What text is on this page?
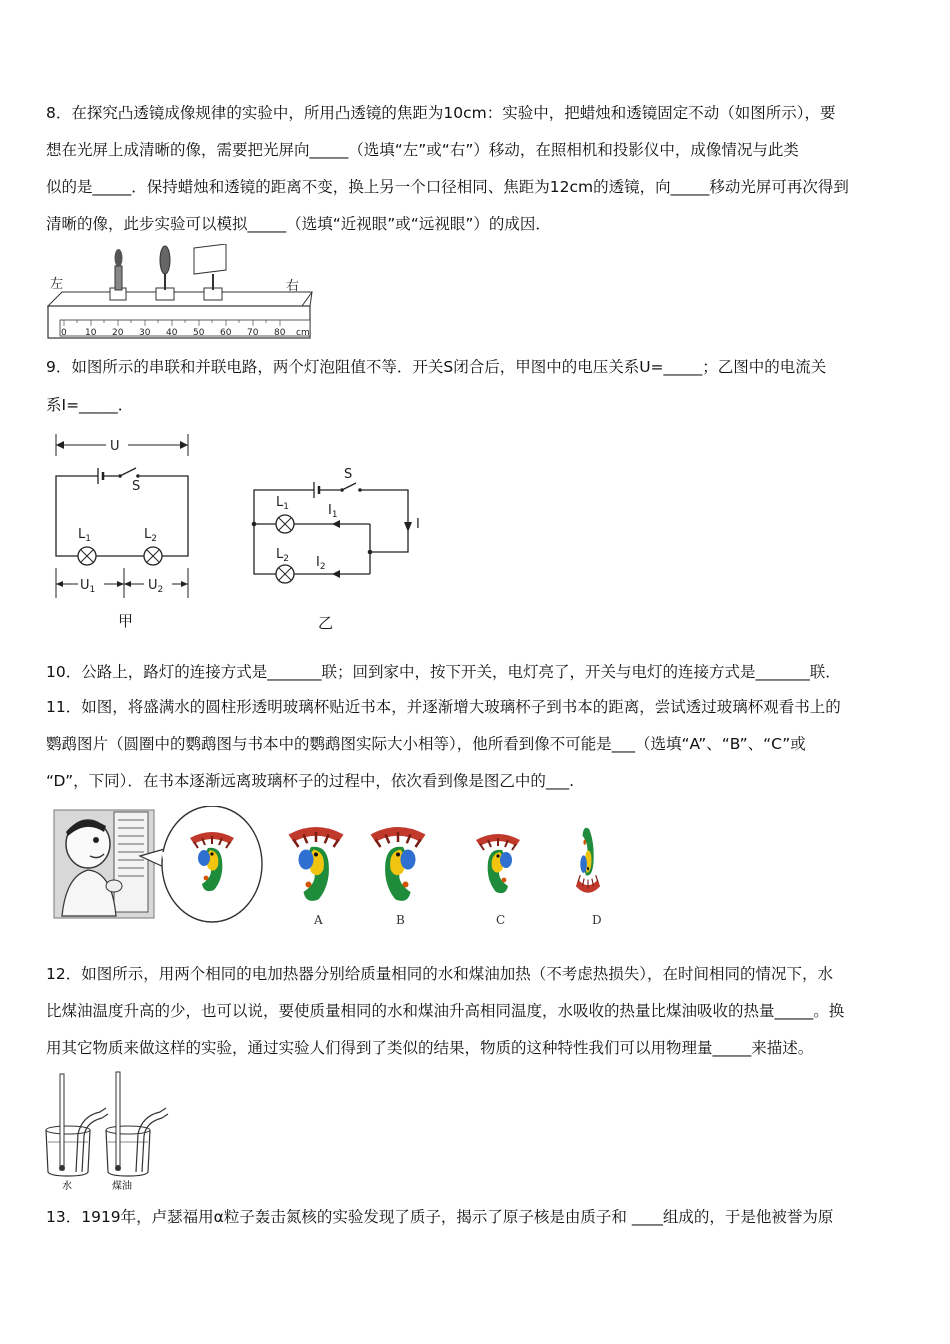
8．在探究凸透镜成像规律的实验中，所用凸透镜的焦距为10cm：实验中，把蜡烛和透镜固定不动（如图所示），要
想在光屏上成清晰的像，需要把光屏向_____（选填“左”或“右”）移动，在照相机和投影仪中，成像情况与此类
似的是_____．保持蜡烛和透镜的距离不变，换上另一个口径相同、焦距为12cm的透镜，向_____移动光屏可再次得到
清晰的像，此步实验可以模拟_____（选填“近视眼”或“远视眼”）的成因．
左	右
0 10 20 30 40 50 60 70 80 cm
9．如图所示的串联和并联电路，两个灯泡阻值不等．开关S闭合后，甲图中的电压关系U=_____；乙图中的电流关
系I=_____．
U
S
$L_1$	$L_2$
$U_1$	$U_2$
甲
S
I
$L_1$	$I_1$
$L_2$ $I_2$
乙
10．公路上，路灯的连接方式是_______联；回到家中，按下开关，电灯亮了，开关与电灯的连接方式是_______联．
11．如图，将盛满水的圆柱形透明玻璃杯贴近书本，并逐渐增大玻璃杯子到书本的距离，尝试透过玻璃杯观看书上的
鹦鹉图片（圆圈中的鹦鹉图与书本中的鹦鹉图实际大小相等），他所看到像不可能是___（选填“A”、“B”、“C”或
“D”，下同）．在书本逐渐远离玻璃杯子的过程中，依次看到像是图乙中的___.
A	B	C	D
12．如图所示，用两个相同的电加热器分别给质量相同的水和煤油加热（不考虑热损失），在时间相同的情况下，水
比煤油温度升高的少，也可以说，要使质量相同的水和煤油升高相同温度，水吸收的热量比煤油吸收的热量_____。换
用其它物质来做这样的实验，通过实验人们得到了类似的结果，物质的这种特性我们可以用物理量_____来描述。
水	煤油
13．1919年，卢瑟福用α粒子轰击氮核的实验发现了质子，揭示了原子核是由质子和 ____组成的，于是他被誉为原
